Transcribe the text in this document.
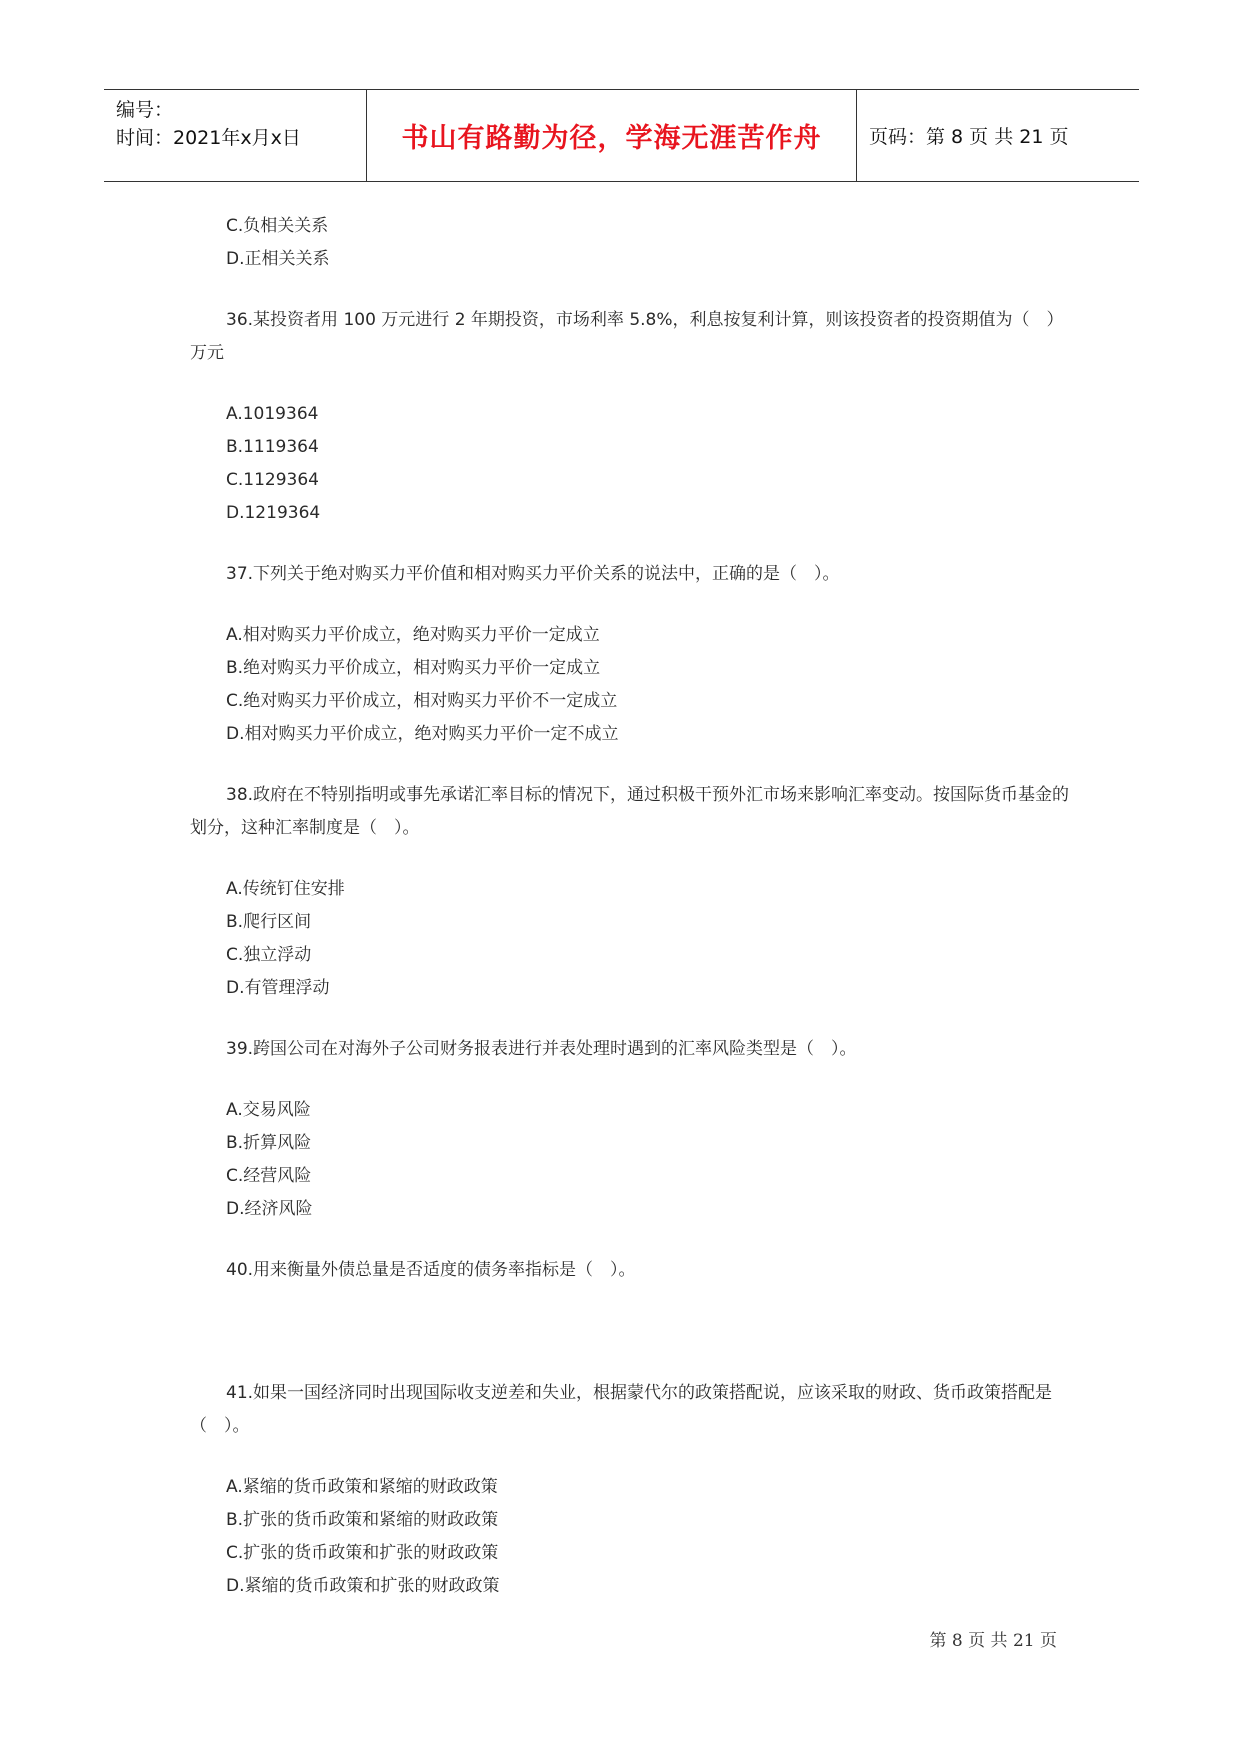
编号：
时间：2021年x月x日	书山有路勤为径，学海无涯苦作舟	页码：第 8 页 共 21 页
C.负相关关系
D.正相关关系
36.某投资者用 100 万元进行 2 年期投资，市场利率 5.8%，利息按复利计算，则该投资者的投资期值为（　）万元
A.1019364
B.1119364
C.1129364
D.1219364
37.下列关于绝对购买力平价值和相对购买力平价关系的说法中，正确的是（　）。
A.相对购买力平价成立，绝对购买力平价一定成立
B.绝对购买力平价成立，相对购买力平价一定成立
C.绝对购买力平价成立，相对购买力平价不一定成立
D.相对购买力平价成立，绝对购买力平价一定不成立
38.政府在不特别指明或事先承诺汇率目标的情况下，通过积极干预外汇市场来影响汇率变动。按国际货币基金的划分，这种汇率制度是（　）。
A.传统钉住安排
B.爬行区间
C.独立浮动
D.有管理浮动
39.跨国公司在对海外子公司财务报表进行并表处理时遇到的汇率风险类型是（　）。
A.交易风险
B.折算风险
C.经营风险
D.经济风险
40.用来衡量外债总量是否适度的债务率指标是（　）。
41.如果一国经济同时出现国际收支逆差和失业，根据蒙代尔的政策搭配说，应该采取的财政、货币政策搭配是（　）。
A.紧缩的货币政策和紧缩的财政政策
B.扩张的货币政策和紧缩的财政政策
C.扩张的货币政策和扩张的财政政策
D.紧缩的货币政策和扩张的财政政策
第 8 页 共 21 页
